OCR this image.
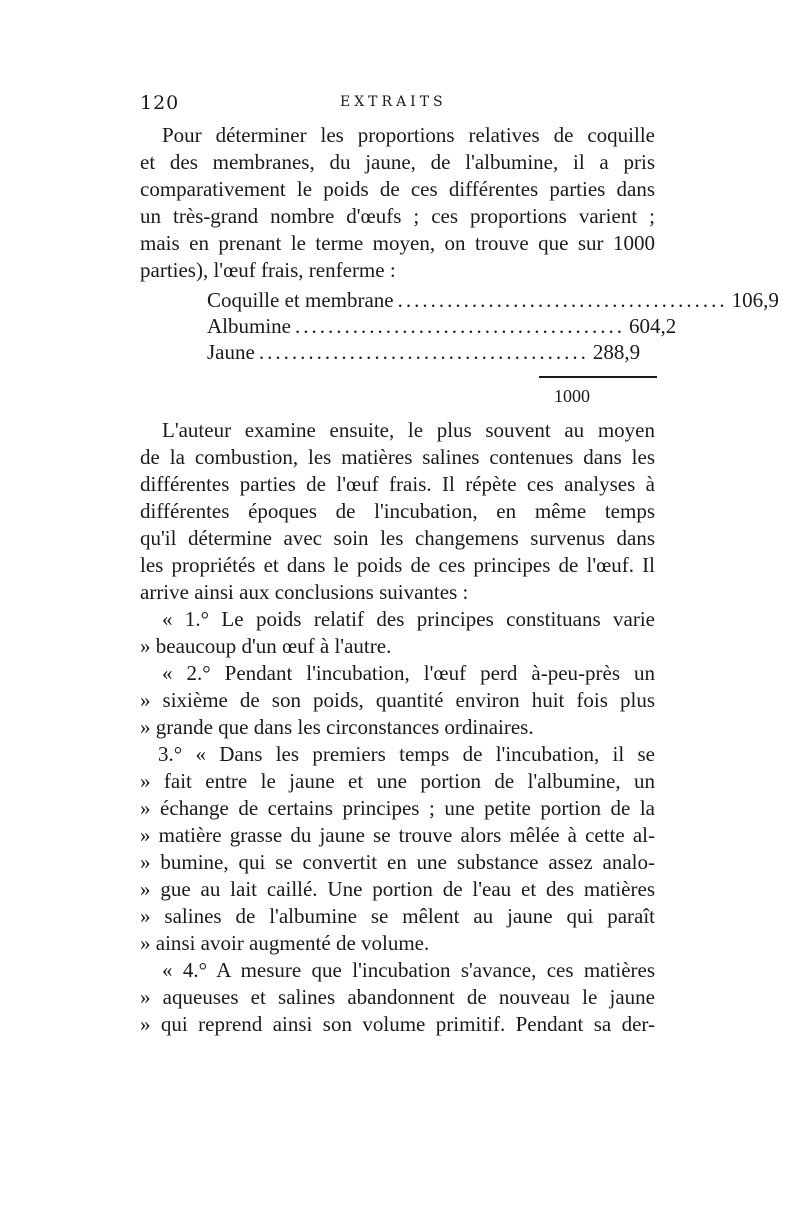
120	EXTRAITS
Pour déterminer les proportions relatives de coquille
et des membranes, du jaune, de l'albumine, il a pris
comparativement le poids de ces différentes parties dans
un très-grand nombre d'œufs ; ces proportions varient ;
mais en prenant le terme moyen, on trouve que sur 1000
parties), l'œuf frais, renferme :
L'auteur examine ensuite, le plus souvent au moyen
de la combustion, les matières salines contenues dans les
différentes parties de l'œuf frais. Il répète ces analyses à
différentes époques de l'incubation, en même temps
qu'il détermine avec soin les changemens survenus dans
les propriétés et dans le poids de ces principes de l'œuf. Il
arrive ainsi aux conclusions suivantes :
« 1.° Le poids relatif des principes constituans varie
» beaucoup d'un œuf à l'autre.
« 2.° Pendant l'incubation, l'œuf perd à-peu-près un
» sixième de son poids, quantité environ huit fois plus
» grande que dans les circonstances ordinaires.
3.° « Dans les premiers temps de l'incubation, il se
» fait entre le jaune et une portion de l'albumine, un
» échange de certains principes ; une petite portion de la
» matière grasse du jaune se trouve alors mêlée à cette al-
» bumine, qui se convertit en une substance assez analo-
» gue au lait caillé. Une portion de l'eau et des matières
» salines de l'albumine se mêlent au jaune qui paraît
» ainsi avoir augmenté de volume.
« 4.° A mesure que l'incubation s'avance, ces matières
» aqueuses et salines abandonnent de nouveau le jaune
» qui reprend ainsi son volume primitif. Pendant sa der-
Coquille et membrane ........................................ 106,9
Albumine ........................................ 604,2
Jaune ........................................ 288,9
1000
